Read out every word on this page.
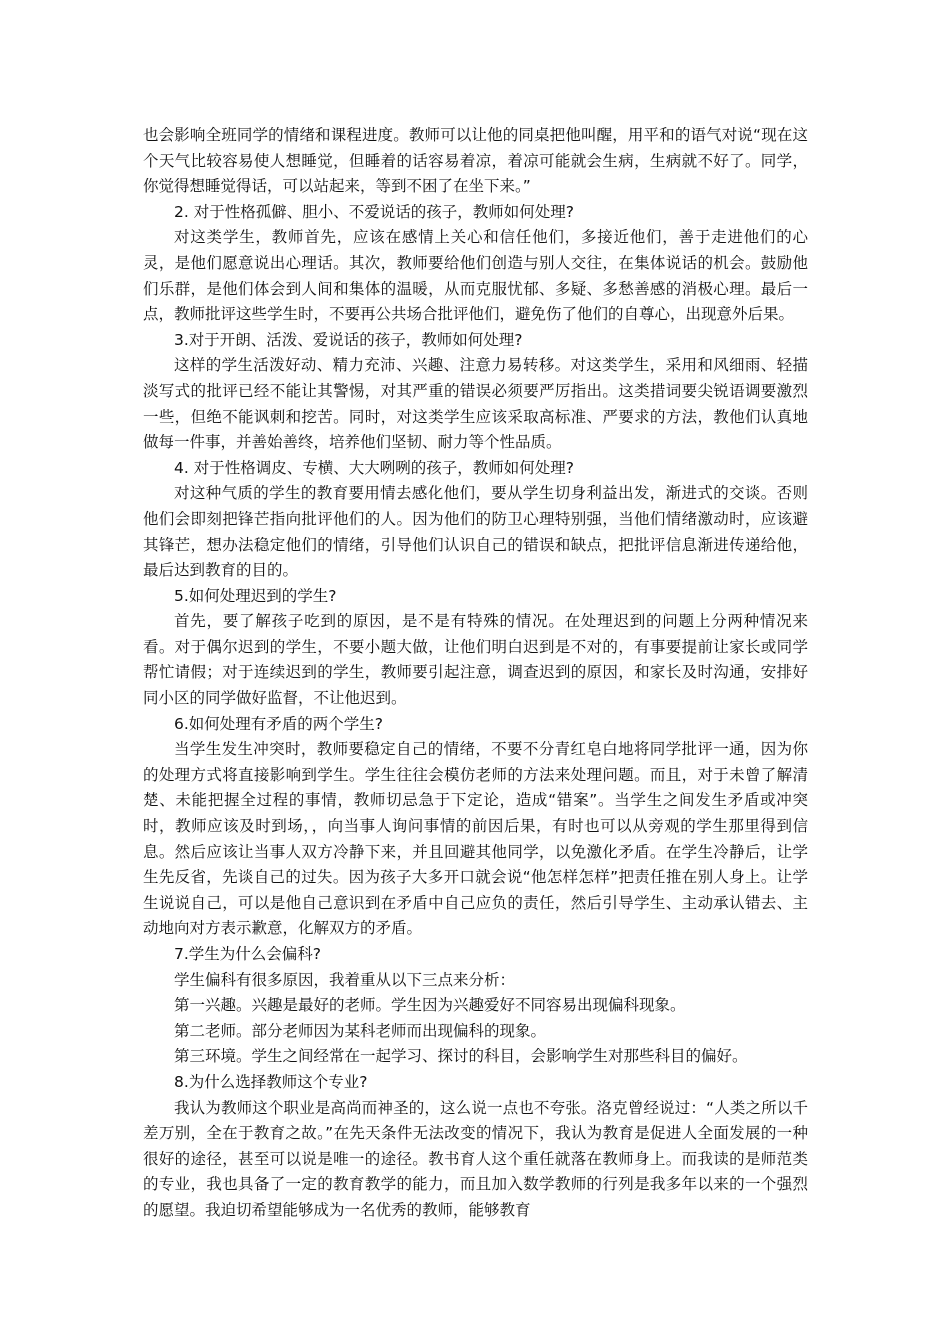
也会影响全班同学的情绪和课程进度。教师可以让他的同桌把他叫醒，用平和的语气对说“现在这个天气比较容易使人想睡觉，但睡着的话容易着凉，着凉可能就会生病，生病就不好了。同学，你觉得想睡觉得话，可以站起来，等到不困了在坐下来。”

2. 对于性格孤僻、胆小、不爱说话的孩子，教师如何处理?

对这类学生，教师首先，应该在感情上关心和信任他们，多接近他们，善于走进他们的心灵，是他们愿意说出心理话。其次，教师要给他们创造与别人交往，在集体说话的机会。鼓励他们乐群，是他们体会到人间和集体的温暖，从而克服忧郁、多疑、多愁善感的消极心理。最后一点，教师批评这些学生时，不要再公共场合批评他们，避免伤了他们的自尊心，出现意外后果。

3.对于开朗、活泼、爱说话的孩子，教师如何处理?

这样的学生活泼好动、精力充沛、兴趣、注意力易转移。对这类学生，采用和风细雨、轻描淡写式的批评已经不能让其警惕，对其严重的错误必须要严厉指出。这类措词要尖锐语调要激烈一些，但绝不能讽刺和挖苦。同时，对这类学生应该采取高标准、严要求的方法，教他们认真地做每一件事，并善始善终，培养他们坚韧、耐力等个性品质。

4. 对于性格调皮、专横、大大咧咧的孩子，教师如何处理?

对这种气质的学生的教育要用情去感化他们，要从学生切身利益出发，渐进式的交谈。否则他们会即刻把锋芒指向批评他们的人。因为他们的防卫心理特别强，当他们情绪激动时，应该避其锋芒，想办法稳定他们的情绪，引导他们认识自己的错误和缺点，把批评信息渐进传递给他，最后达到教育的目的。

5.如何处理迟到的学生?

首先，要了解孩子吃到的原因，是不是有特殊的情况。在处理迟到的问题上分两种情况来看。对于偶尔迟到的学生，不要小题大做，让他们明白迟到是不对的，有事要提前让家长或同学帮忙请假；对于连续迟到的学生，教师要引起注意，调查迟到的原因，和家长及时沟通，安排好同小区的同学做好监督，不让他迟到。

6.如何处理有矛盾的两个学生?

当学生发生冲突时，教师要稳定自己的情绪，不要不分青红皂白地将同学批评一通，因为你的处理方式将直接影响到学生。学生往往会模仿老师的方法来处理问题。而且，对于未曾了解清楚、未能把握全过程的事情，教师切忌急于下定论，造成“错案”。当学生之间发生矛盾或冲突时，教师应该及时到场，，向当事人询问事情的前因后果，有时也可以从旁观的学生那里得到信息。然后应该让当事人双方冷静下来，并且回避其他同学，以免激化矛盾。在学生冷静后，让学生先反省，先谈自己的过失。因为孩子大多开口就会说“他怎样怎样”把责任推在别人身上。让学生说说自己，可以是他自己意识到在矛盾中自己应负的责任，然后引导学生、主动承认错去、主动地向对方表示歉意，化解双方的矛盾。

7.学生为什么会偏科?

学生偏科有很多原因，我着重从以下三点来分析：

第一兴趣。兴趣是最好的老师。学生因为兴趣爱好不同容易出现偏科现象。

第二老师。部分老师因为某科老师而出现偏科的现象。

第三环境。学生之间经常在一起学习、探讨的科目，会影响学生对那些科目的偏好。

8.为什么选择教师这个专业?

我认为教师这个职业是高尚而神圣的，这么说一点也不夸张。洛克曾经说过：“人类之所以千差万别，全在于教育之故。”在先天条件无法改变的情况下，我认为教育是促进人全面发展的一种很好的途径，甚至可以说是唯一的途径。教书育人这个重任就落在教师身上。而我读的是师范类的专业，我也具备了一定的教育教学的能力，而且加入数学教师的行列是我多年以来的一个强烈的愿望。我迫切希望能够成为一名优秀的教师，能够教育
